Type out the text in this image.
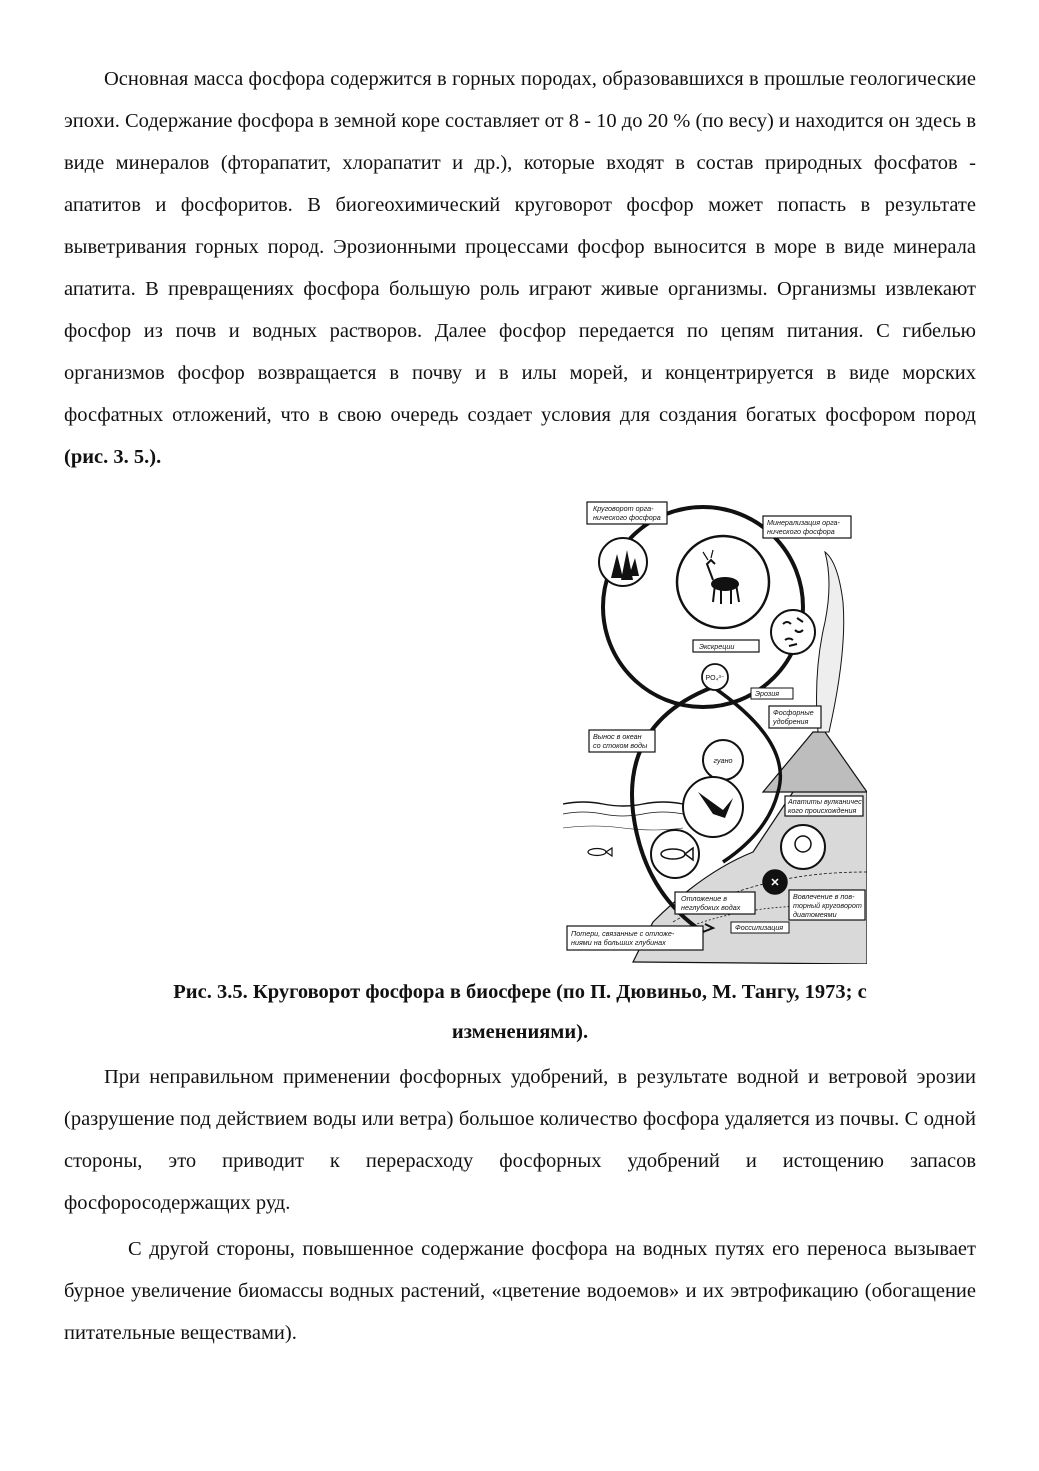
Основная масса фосфора содержится в горных породах, образовавшихся в прошлые геологические эпохи. Содержание фосфора в земной коре составляет от 8 - 10 до 20 % (по весу) и находится он здесь в виде минералов (фторапатит, хлорапатит и др.), которые входят в состав природных фосфатов - апатитов и фосфоритов. В биогеохимический круговорот фосфор может попасть в результате выветривания горных пород. Эрозионными процессами фосфор выносится в море в виде минерала апатита. В превращениях фосфора большую роль играют живые организмы. Организмы извлекают фосфор из почв и водных растворов. Далее фосфор передается по цепям питания. С гибелью организмов фосфор возвращается в почву и в илы морей, и концентрируется в виде морских фосфатных отложений, что в свою очередь создает условия для создания богатых фосфором пород (рис. 3. 5.).

PO₄³⁻
гуано
✕
Круговорот орга-
нического фосфора
Минерализация орга-
нического фосфора
Экскреции
Эрозия
Вынос в океан
со стоком воды
Фосфорные
удобрения
Апатиты вулканичес
кого происхождения
Отложение в
неглубоких водах
Вовлечение в пов-
торный круговорот
диатомеями
Фоссилизация
Потери, связанные с отложе-
ниями на больших глубинах

Рис. 3.5. Круговорот фосфора в биосфере (по П. Дювиньо, М. Тангу, 1973; с
изменениями).

При неправильном применении фосфорных удобрений, в результате водной и ветровой эрозии (разрушение под действием воды или ветра) большое количество фосфора удаляется из почвы. С одной стороны, это приводит к перерасходу фосфорных удобрений и истощению запасов фосфоросодержащих руд.

С другой стороны, повышенное содержание фосфора на водных путях его переноса вызывает бурное увеличение биомассы водных растений, «цветение водоемов» и их эвтрофикацию (обогащение питательные веществами).
